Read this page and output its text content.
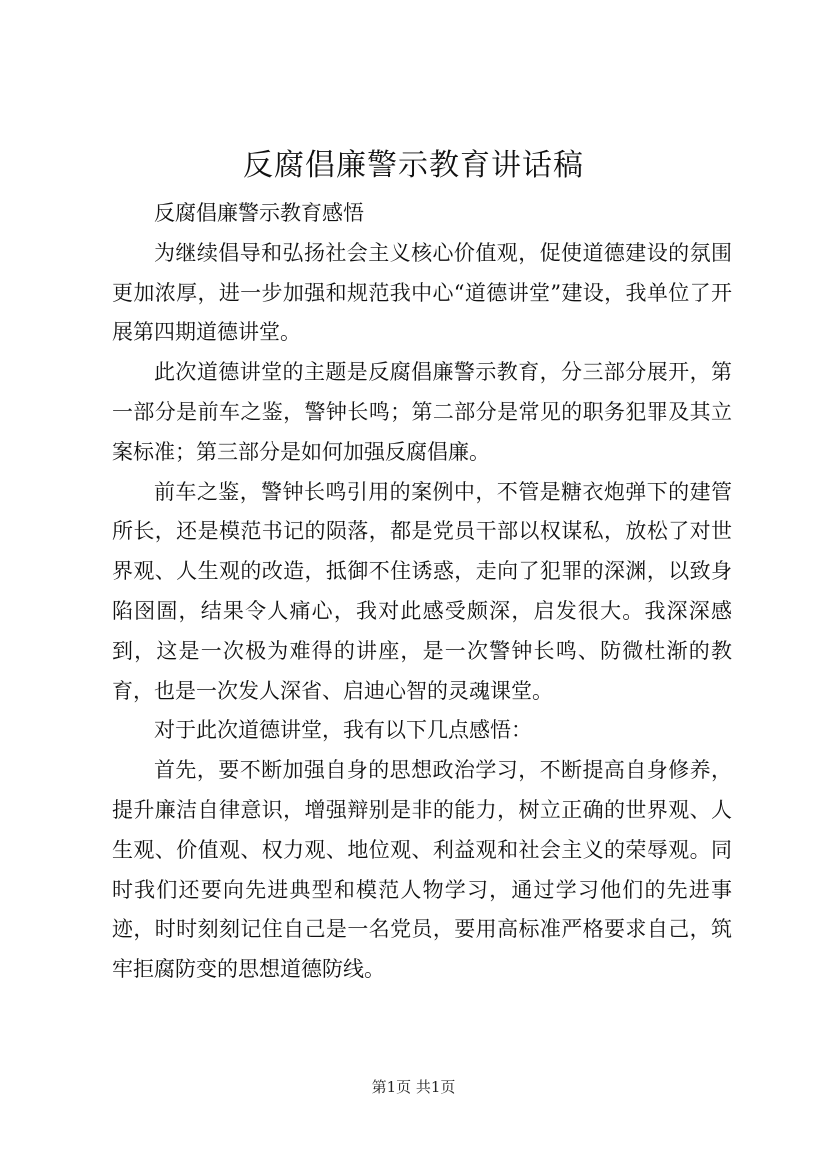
反腐倡廉警示教育讲话稿

反腐倡廉警示教育感悟

为继续倡导和弘扬社会主义核心价值观，促使道德建设的氛围更加浓厚，进一步加强和规范我中心“道德讲堂”建设，我单位了开展第四期道德讲堂。

此次道德讲堂的主题是反腐倡廉警示教育，分三部分展开，第一部分是前车之鉴，警钟长鸣；第二部分是常见的职务犯罪及其立案标准；第三部分是如何加强反腐倡廉。

前车之鉴，警钟长鸣引用的案例中，不管是糖衣炮弹下的建管所长，还是模范书记的陨落，都是党员干部以权谋私，放松了对世界观、人生观的改造，抵御不住诱惑，走向了犯罪的深渊，以致身陷囹圄，结果令人痛心，我对此感受颇深，启发很大。我深深感到，这是一次极为难得的讲座，是一次警钟长鸣、防微杜渐的教育，也是一次发人深省、启迪心智的灵魂课堂。

对于此次道德讲堂，我有以下几点感悟：

首先，要不断加强自身的思想政治学习，不断提高自身修养，提升廉洁自律意识，增强辩别是非的能力，树立正确的世界观、人生观、价值观、权力观、地位观、利益观和社会主义的荣辱观。同时我们还要向先进典型和模范人物学习，通过学习他们的先进事迹，时时刻刻记住自己是一名党员，要用高标准严格要求自己，筑牢拒腐防变的思想道德防线。

第1页 共1页
